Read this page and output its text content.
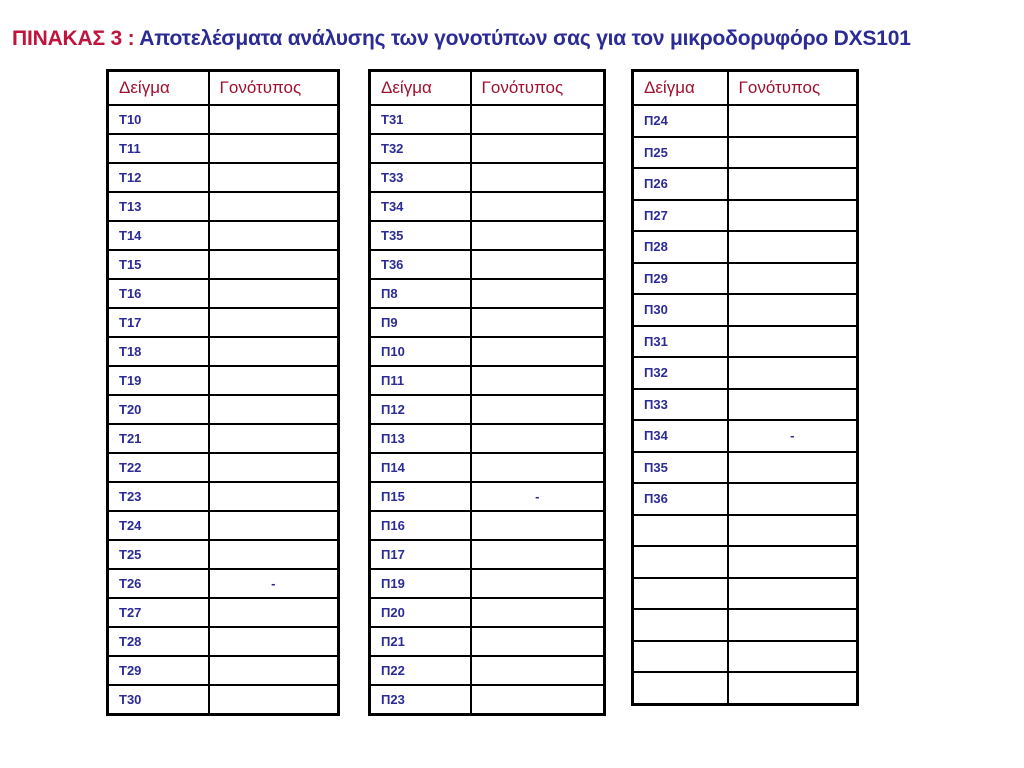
ΠΙΝΑΚΑΣ 3 : Αποτελέσματα ανάλυσης των γονοτύπων σας για τον μικροδορυφόρο DXS101
Δείγμα	Γονότυπος
Τ10	
Τ11	
Τ12	
Τ13	
Τ14	
Τ15	
Τ16	
Τ17	
Τ18	
Τ19	
Τ20	
Τ21	
Τ22	
Τ23	
Τ24	
Τ25	
Τ26	-
Τ27	
Τ28	
Τ29	
Τ30	
Δείγμα	Γονότυπος
Τ31	
Τ32	
Τ33	
Τ34	
Τ35	
Τ36	
Π8	
Π9	
Π10	
Π11	
Π12	
Π13	
Π14	
Π15	-
Π16	
Π17	
Π19	
Π20	
Π21	
Π22	
Π23	
Δείγμα	Γονότυπος
Π24	
Π25	
Π26	
Π27	
Π28	
Π29	
Π30	
Π31	
Π32	
Π33	
Π34	-
Π35	
Π36	
